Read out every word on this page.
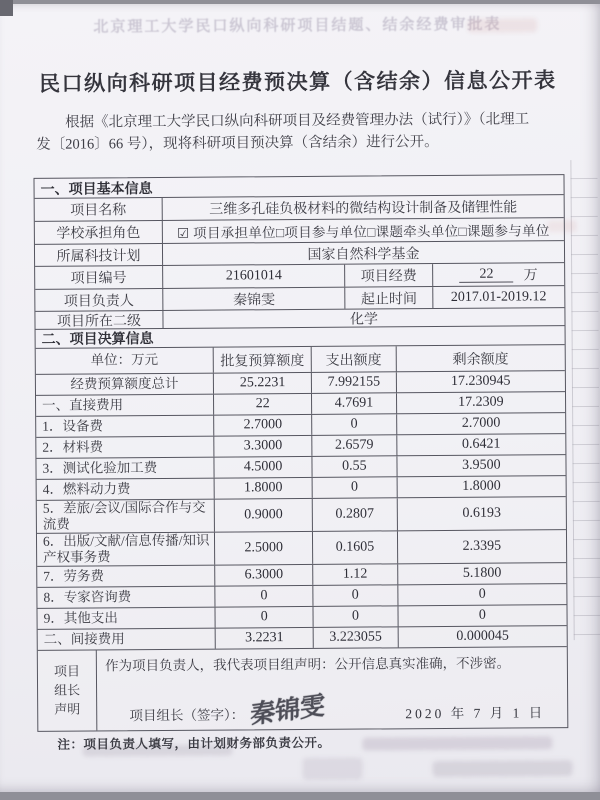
北京理工大学民口纵向科研项目结题、结余经费审批表
民口纵向科研项目经费预决算（含结余）信息公开表
根据《北京理工大学民口纵向科研项目及经费管理办法（试行）》（北理工
发〔2016〕66 号），现将科研项目预决算（含结余）进行公开。
一、项目基本信息
项目名称	三维多孔硅负极材料的微结构设计制备及储锂性能
学校承担角色	☑ 项目承担单位□项目参与单位□课题牵头单位□课题参与单位
所属科技计划	国家自然科学基金
项目编号	21601014	项目经费	22	万
项目负责人	秦锦雯	起止时间	2017.01-2019.12
项目所在二级	化学
二、项目决算信息
单位：万元	批复预算额度	支出额度	剩余额度
经费预算额度总计	25.2231	7.992155	17.230945
一、直接费用	22	4.7691	17.2309
1．设备费	2.7000	0	2.7000
2．材料费	3.3000	2.6579	0.6421
3．测试化验加工费	4.5000	0.55	3.9500
4．燃料动力费	1.8000	0	1.8000
5．差旅/会议/国际合作与交流费
0.9000	0.2807	0.6193
6．出版/文献/信息传播/知识产权事务费
2.5000	0.1605	2.3395
7．劳务费	6.3000	1.12	5.1800
8．专家咨询费	0	0	0
9．其他支出	0	0	0
二、间接费用	3.2231	3.223055	0.000045
项目
组长
声明
作为项目负责人，我代表项目组声明：公开信息真实准确，不涉密。
项目组长（签字）： 秦锦雯	2020 年 7 月 1 日
注：项目负责人填写，由计划财务部负责公开。
